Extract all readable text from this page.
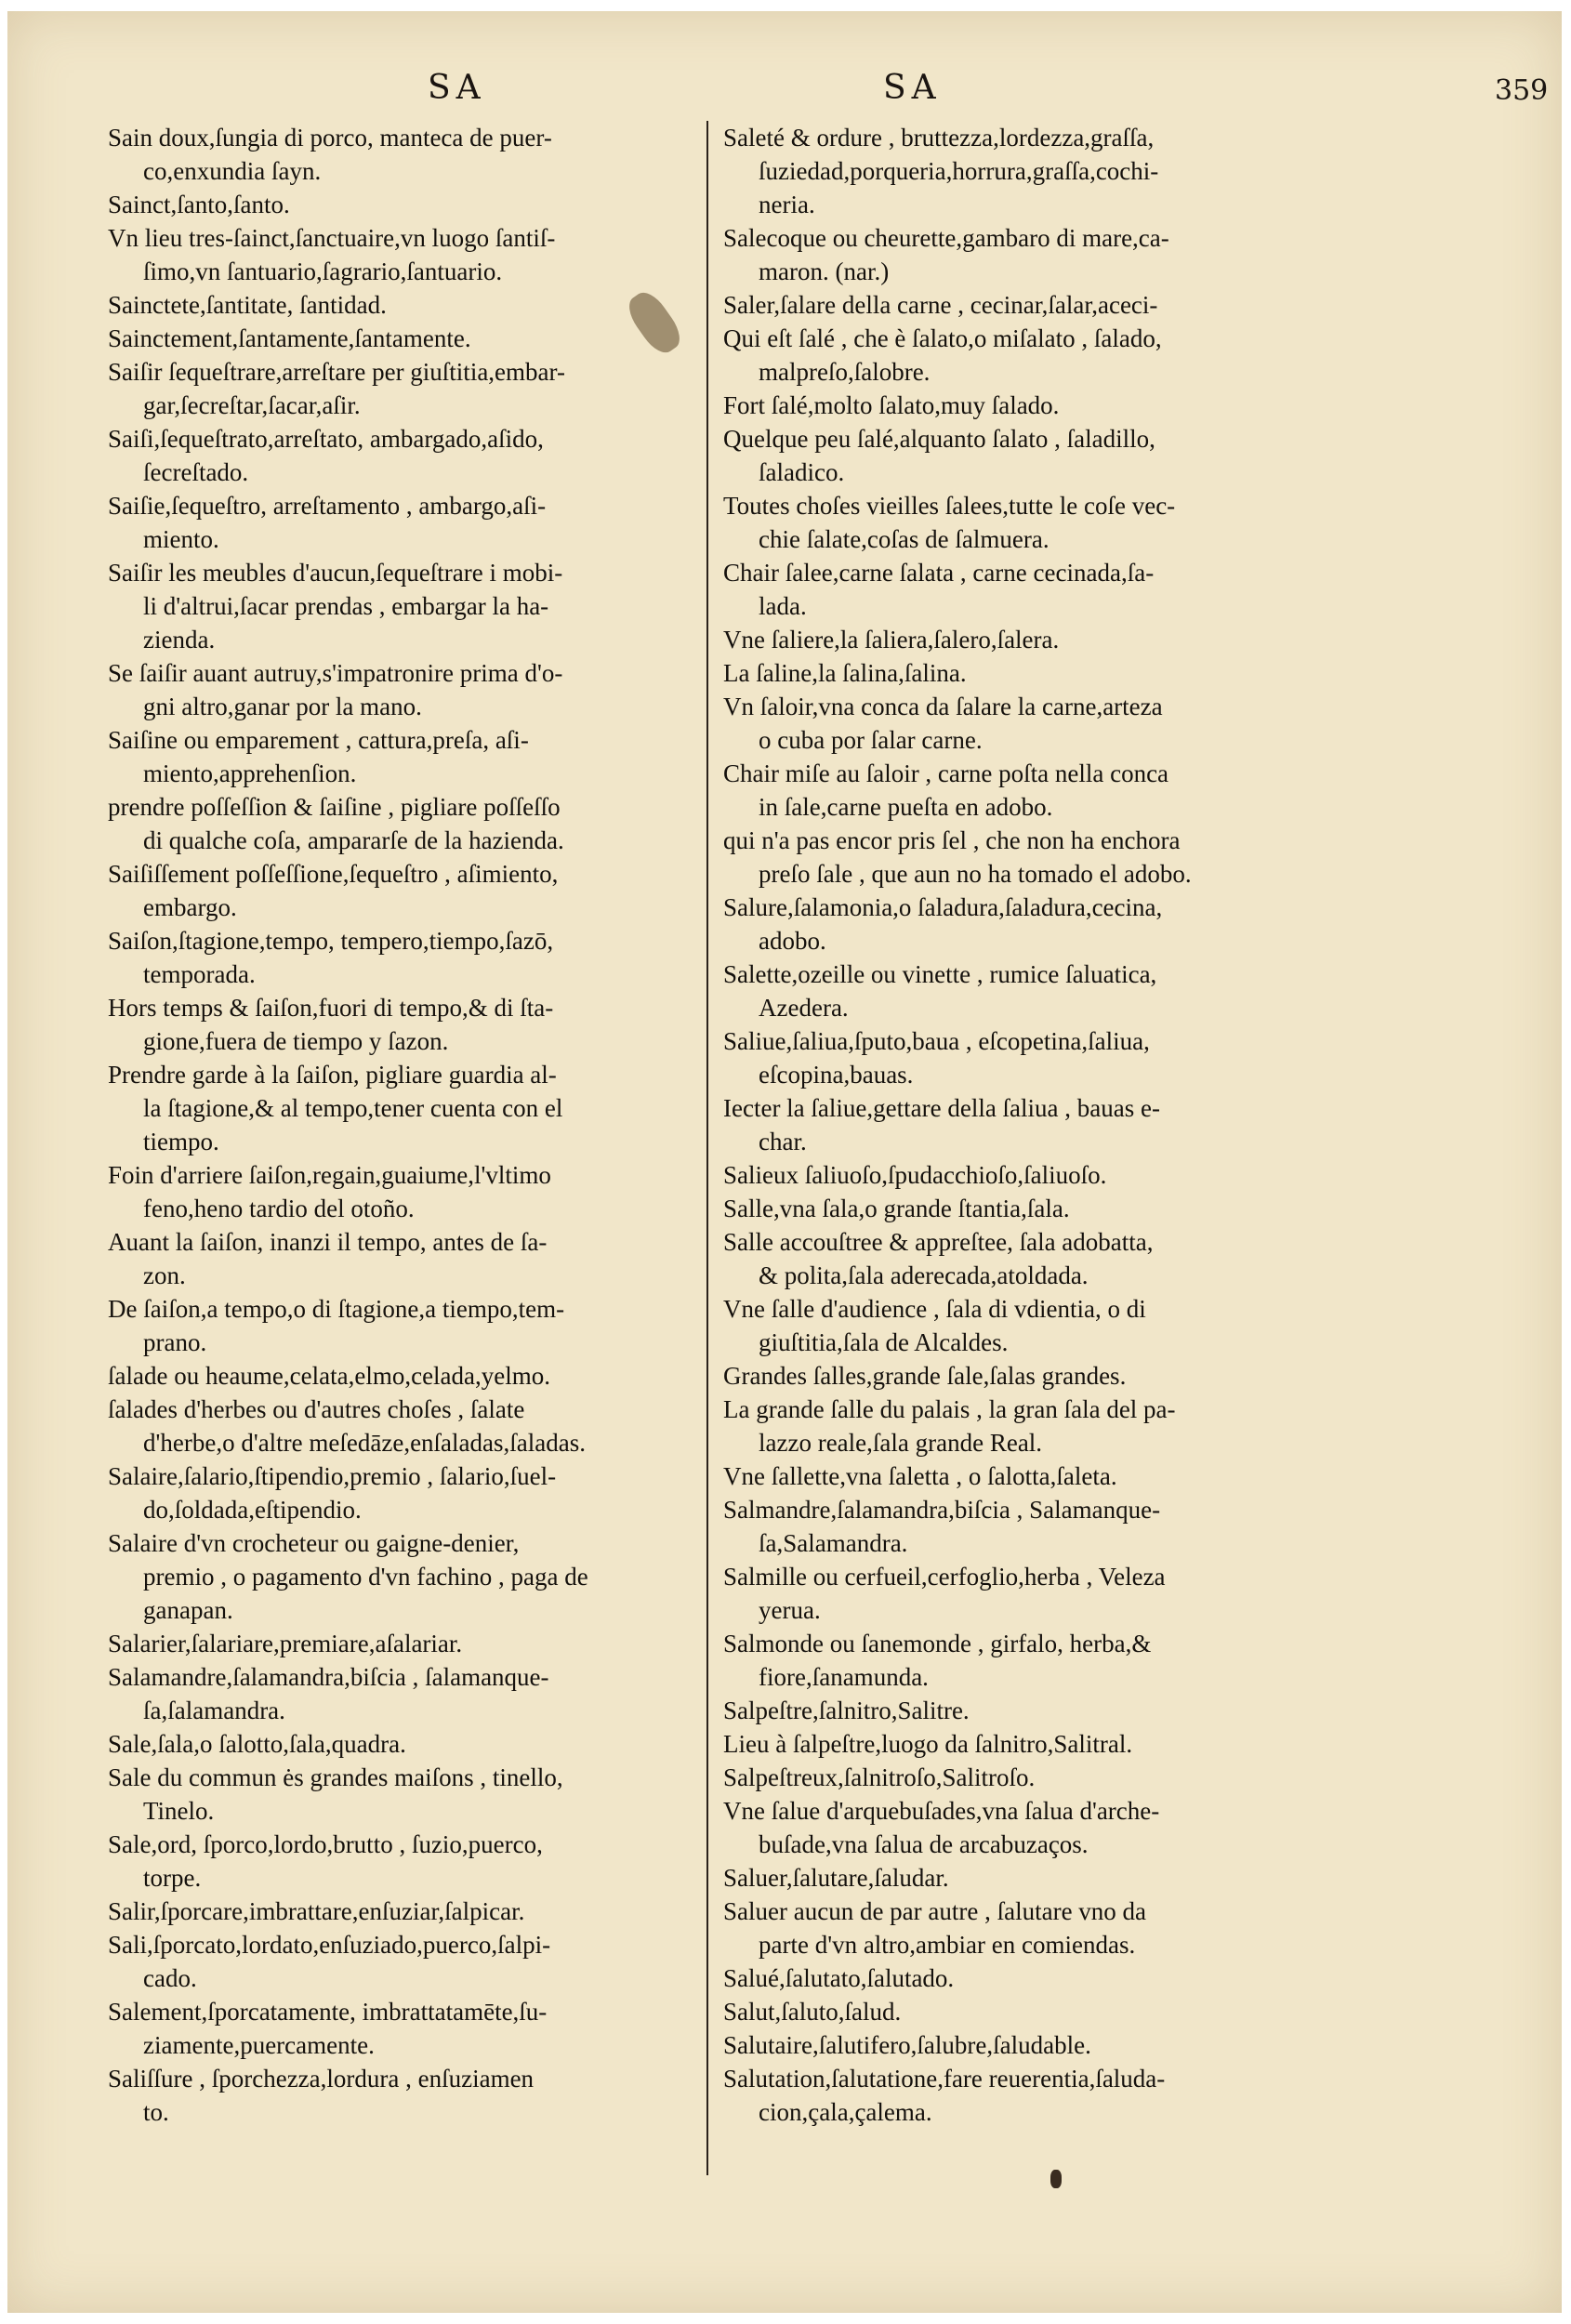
SA	SA	359
Sain doux,ſungia di porco, manteca de puer-
co,enxundia ſayn.
Sainct,ſanto,ſanto.
Vn lieu tres-ſainct,ſanctuaire,vn luogo ſantiſ-
ſimo,vn ſantuario,ſagrario,ſantuario.
Sainctete,ſantitate, ſantidad.
Sainctement,ſantamente,ſantamente.
Saiſir ſequeſtrare,arreſtare per giuſtitia,embar-
gar,ſecreſtar,ſacar,aſir.
Saiſi,ſequeſtrato,arreſtato, ambargado,aſido,
ſecreſtado.
Saiſie,ſequeſtro, arreſtamento , ambargo,aſi-
miento.
Saiſir les meubles d'aucun,ſequeſtrare i mobi-
li d'altrui,ſacar prendas , embargar la ha-
zienda.
Se ſaiſir auant autruy,s'impatronire prima d'o-
gni altro,ganar por la mano.
Saiſine ou emparement , cattura,preſa, aſi-
miento,apprehenſion.
prendre poſſeſſion & ſaiſine , pigliare poſſeſſo
di qualche coſa, ampararſe de la hazienda.
Saiſiſſement poſſeſſione,ſequeſtro , aſimiento,
embargo.
Saiſon,ſtagione,tempo, tempero,tiempo,ſazō,
temporada.
Hors temps & ſaiſon,fuori di tempo,& di ſta-
gione,fuera de tiempo y ſazon.
Prendre garde à la ſaiſon, pigliare guardia al-
la ſtagione,& al tempo,tener cuenta con el
tiempo.
Foin d'arriere ſaiſon,regain,guaiume,l'vltimo
feno,heno tardio del otoño.
Auant la ſaiſon, inanzi il tempo, antes de ſa-
zon.
De ſaiſon,a tempo,o di ſtagione,a tiempo,tem-
prano.
ſalade ou heaume,celata,elmo,celada,yelmo.
ſalades d'herbes ou d'autres choſes , ſalate
d'herbe,o d'altre meſedāze,enſaladas,ſaladas.
Salaire,ſalario,ſtipendio,premio , ſalario,ſuel-
do,ſoldada,eſtipendio.
Salaire d'vn crocheteur ou gaigne-denier,
premio , o pagamento d'vn fachino , paga de
ganapan.
Salarier,ſalariare,premiare,aſalariar.
Salamandre,ſalamandra,biſcia , ſalamanque-
ſa,ſalamandra.
Sale,ſala,o ſalotto,ſala,quadra.
Sale du commun ės grandes maiſons , tinello,
Tinelo.
Sale,ord, ſporco,lordo,brutto , ſuzio,puerco,
torpe.
Salir,ſporcare,imbrattare,enſuziar,ſalpicar.
Sali,ſporcato,lordato,enſuziado,puerco,ſalpi-
cado.
Salement,ſporcatamente, imbrattatamēte,ſu-
ziamente,puercamente.
Saliſſure , ſporchezza,lordura , enſuziamen
to.
Saleté & ordure , bruttezza,lordezza,graſſa,
ſuziedad,porqueria,horrura,graſſa,cochi-
neria.
Salecoque ou cheurette,gambaro di mare,ca-
maron. (nar.)
Saler,ſalare della carne , cecinar,ſalar,aceci-
Qui eſt ſalé , che è ſalato,o miſalato , ſalado,
malpreſo,ſalobre.
Fort ſalé,molto ſalato,muy ſalado.
Quelque peu ſalé,alquanto ſalato , ſaladillo,
ſaladico.
Toutes choſes vieilles ſalees,tutte le coſe vec-
chie ſalate,coſas de ſalmuera.
Chair ſalee,carne ſalata , carne cecinada,ſa-
lada.
Vne ſaliere,la ſaliera,ſalero,ſalera.
La ſaline,la ſalina,ſalina.
Vn ſaloir,vna conca da ſalare la carne,arteza
o cuba por ſalar carne.
Chair miſe au ſaloir , carne poſta nella conca
in ſale,carne pueſta en adobo.
qui n'a pas encor pris ſel , che non ha enchora
preſo ſale , que aun no ha tomado el adobo.
Salure,ſalamonia,o ſaladura,ſaladura,cecina,
adobo.
Salette,ozeille ou vinette , rumice ſaluatica,
Azedera.
Saliue,ſaliua,ſputo,baua , eſcopetina,ſaliua,
eſcopina,bauas.
Iecter la ſaliue,gettare della ſaliua , bauas e-
char.
Salieux ſaliuoſo,ſpudacchioſo,ſaliuoſo.
Salle,vna ſala,o grande ſtantia,ſala.
Salle accouſtree & appreſtee, ſala adobatta,
& polita,ſala aderecada,atoldada.
Vne ſalle d'audience , ſala di vdientia, o di
giuſtitia,ſala de Alcaldes.
Grandes ſalles,grande ſale,ſalas grandes.
La grande ſalle du palais , la gran ſala del pa-
lazzo reale,ſala grande Real.
Vne ſallette,vna ſaletta , o ſalotta,ſaleta.
Salmandre,ſalamandra,biſcia , Salamanque-
ſa,Salamandra.
Salmille ou cerfueil,cerfoglio,herba , Veleza
yerua.
Salmonde ou ſanemonde , girfalo, herba,&
fiore,ſanamunda.
Salpeſtre,ſalnitro,Salitre.
Lieu à ſalpeſtre,luogo da ſalnitro,Salitral.
Salpeſtreux,ſalnitroſo,Salitroſo.
Vne ſalue d'arquebuſades,vna ſalua d'arche-
buſade,vna ſalua de arcabuzaços.
Saluer,ſalutare,ſaludar.
Saluer aucun de par autre , ſalutare vno da
parte d'vn altro,ambiar en comiendas.
Salué,ſalutato,ſalutado.
Salut,ſaluto,ſalud.
Salutaire,ſalutifero,ſalubre,ſaludable.
Salutation,ſalutatione,fare reuerentia,ſaluda-
cion,çala,çalema.
